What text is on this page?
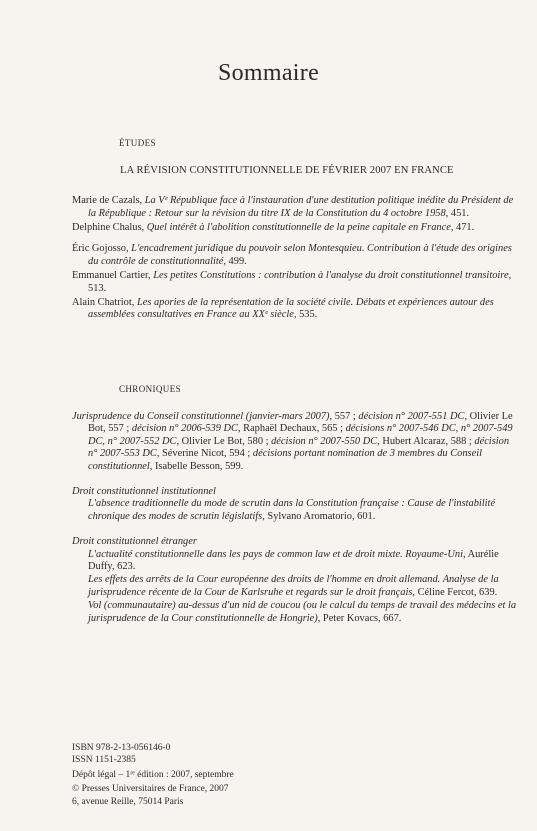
Sommaire
ÉTUDES
LA RÉVISION CONSTITUTIONNELLE DE FÉVRIER 2007 EN FRANCE
Marie de Cazals, La Vᵉ République face à l'instauration d'une destitution politique inédite du Président de la République : Retour sur la révision du titre IX de la Constitution du 4 octobre 1958, 451.
Delphine Chalus, Quel intérêt à l'abolition constitutionnelle de la peine capitale en France, 471.
Éric Gojosso, L'encadrement juridique du pouvoir selon Montesquieu. Contribution à l'étude des origines du contrôle de constitutionnalité, 499.
Emmanuel Cartier, Les petites Constitutions : contribution à l'analyse du droit constitutionnel transitoire, 513.
Alain Chatriot, Les apories de la représentation de la société civile. Débats et expériences autour des assemblées consultatives en France au XXᵉ siècle, 535.
CHRONIQUES
Jurisprudence du Conseil constitutionnel (janvier-mars 2007), 557 ; décision n° 2007-551 DC, Olivier Le Bot, 557 ; décision n° 2006-539 DC, Raphaël Dechaux, 565 ; décisions n° 2007-546 DC, n° 2007-549 DC, n° 2007-552 DC, Olivier Le Bot, 580 ; décision n° 2007-550 DC, Hubert Alcaraz, 588 ; décision n° 2007-553 DC, Séverine Nicot, 594 ; décisions portant nomination de 3 membres du Conseil constitutionnel, Isabelle Besson, 599.
Droit constitutionnel institutionnel
L'absence traditionnelle du mode de scrutin dans la Constitution française : Cause de l'instabilité chronique des modes de scrutin législatifs, Sylvano Aromatorio, 601.
Droit constitutionnel étranger
L'actualité constitutionnelle dans les pays de common law et de droit mixte. Royaume-Uni, Aurélie Duffy, 623.
Les effets des arrêts de la Cour européenne des droits de l'homme en droit allemand. Analyse de la jurisprudence récente de la Cour de Karlsruhe et regards sur le droit français, Céline Fercot, 639.
Vol (communautaire) au-dessus d'un nid de coucou (ou le calcul du temps de travail des médecins et la jurisprudence de la Cour constitutionnelle de Hongrie), Peter Kovacs, 667.
ISBN 978-2-13-056146-0
ISSN 1151-2385
Dépôt légal – 1ʳᵉ édition : 2007, septembre
© Presses Universitaires de France, 2007
6, avenue Reille, 75014 Paris
